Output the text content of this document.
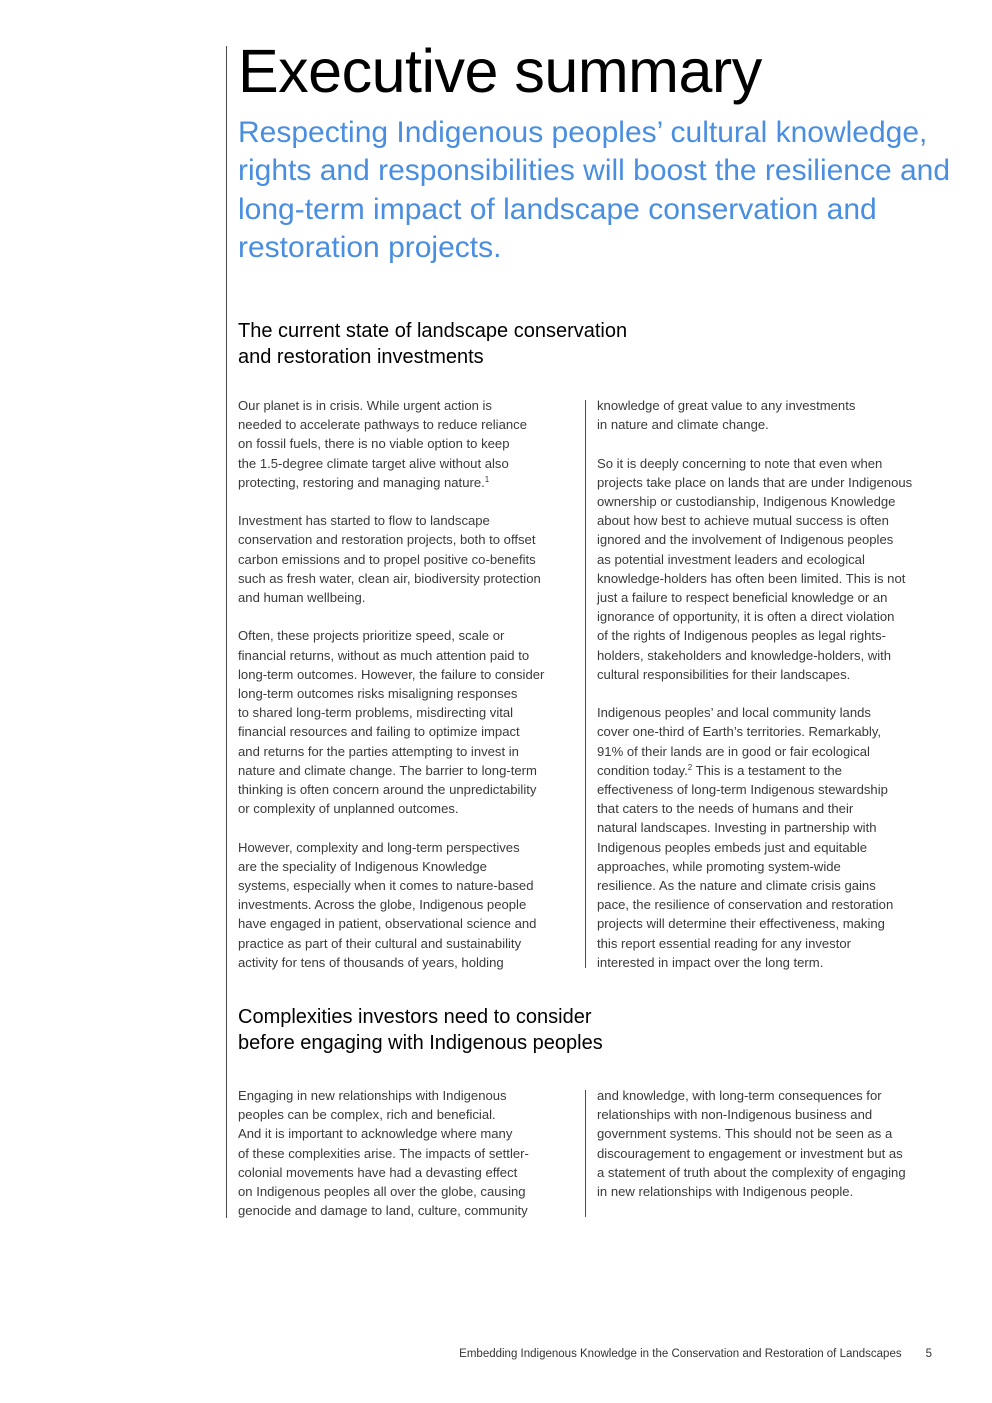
Executive summary

Respecting Indigenous peoples’ cultural knowledge, rights and responsibilities will boost the resilience and long-term impact of landscape conservation and restoration projects.

The current state of landscape conservation
and restoration investments

Our planet is in crisis. While urgent action is
needed to accelerate pathways to reduce reliance
on fossil fuels, there is no viable option to keep
the 1.5-degree climate target alive without also
protecting, restoring and managing nature.$^1$

Investment has started to flow to landscape
conservation and restoration projects, both to offset
carbon emissions and to propel positive co-benefits
such as fresh water, clean air, biodiversity protection
and human wellbeing.

Often, these projects prioritize speed, scale or
financial returns, without as much attention paid to
long-term outcomes. However, the failure to consider
long-term outcomes risks misaligning responses
to shared long-term problems, misdirecting vital
financial resources and failing to optimize impact
and returns for the parties attempting to invest in
nature and climate change. The barrier to long-term
thinking is often concern around the unpredictability
or complexity of unplanned outcomes.

However, complexity and long-term perspectives
are the speciality of Indigenous Knowledge
systems, especially when it comes to nature-based
investments. Across the globe, Indigenous people
have engaged in patient, observational science and
practice as part of their cultural and sustainability
activity for tens of thousands of years, holding

knowledge of great value to any investments
in nature and climate change.

So it is deeply concerning to note that even when
projects take place on lands that are under Indigenous
ownership or custodianship, Indigenous Knowledge
about how best to achieve mutual success is often
ignored and the involvement of Indigenous peoples
as potential investment leaders and ecological
knowledge-holders has often been limited. This is not
just a failure to respect beneficial knowledge or an
ignorance of opportunity, it is often a direct violation
of the rights of Indigenous peoples as legal rights-
holders, stakeholders and knowledge-holders, with
cultural responsibilities for their landscapes.

Indigenous peoples’ and local community lands
cover one-third of Earth’s territories. Remarkably,
91% of their lands are in good or fair ecological
condition today.$^2$ This is a testament to the
effectiveness of long-term Indigenous stewardship
that caters to the needs of humans and their
natural landscapes. Investing in partnership with
Indigenous peoples embeds just and equitable
approaches, while promoting system-wide
resilience. As the nature and climate crisis gains
pace, the resilience of conservation and restoration
projects will determine their effectiveness, making
this report essential reading for any investor
interested in impact over the long term.

Complexities investors need to consider
before engaging with Indigenous peoples

Engaging in new relationships with Indigenous
peoples can be complex, rich and beneficial.
And it is important to acknowledge where many
of these complexities arise. The impacts of settler-
colonial movements have had a devasting effect
on Indigenous peoples all over the globe, causing
genocide and damage to land, culture, community

and knowledge, with long-term consequences for
relationships with non-Indigenous business and
government systems. This should not be seen as a
discouragement to engagement or investment but as
a statement of truth about the complexity of engaging
in new relationships with Indigenous people.

Embedding Indigenous Knowledge in the Conservation and Restoration of Landscapes 5
